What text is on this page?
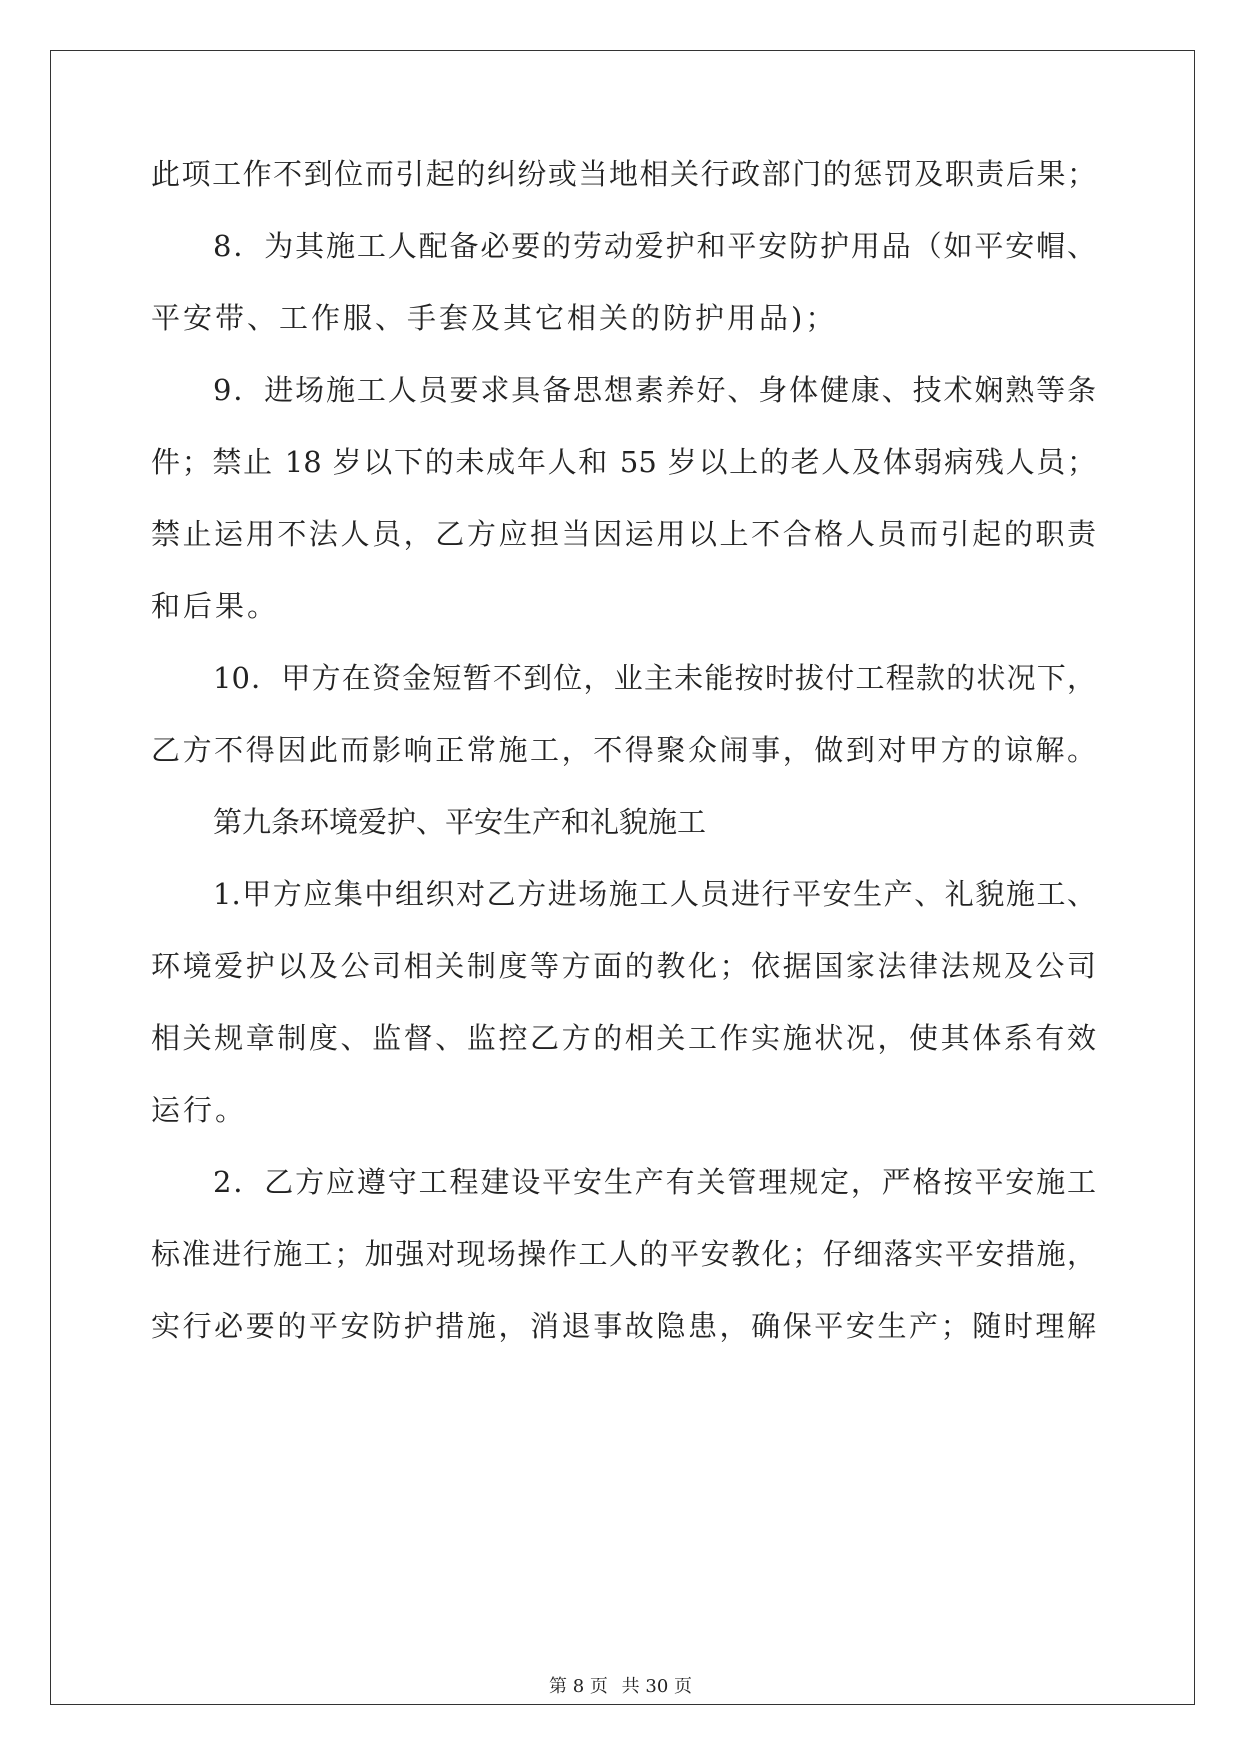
此项工作不到位而引起的纠纷或当地相关行政部门的惩罚及职责后果；
8．为其施工人配备必要的劳动爱护和平安防护用品（如平安帽、
平安带、工作服、手套及其它相关的防护用品)；
9．进场施工人员要求具备思想素养好、身体健康、技术娴熟等条
件；禁止 18 岁以下的未成年人和 55 岁以上的老人及体弱病残人员；
禁止运用不法人员，乙方应担当因运用以上不合格人员而引起的职责
和后果。
10．甲方在资金短暂不到位，业主未能按时拔付工程款的状况下，
乙方不得因此而影响正常施工，不得聚众闹事，做到对甲方的谅解。
第九条环境爱护、平安生产和礼貌施工
1.甲方应集中组织对乙方进场施工人员进行平安生产、礼貌施工、
环境爱护以及公司相关制度等方面的教化；依据国家法律法规及公司
相关规章制度、监督、监控乙方的相关工作实施状况，使其体系有效
运行。
2．乙方应遵守工程建设平安生产有关管理规定，严格按平安施工
标准进行施工；加强对现场操作工人的平安教化；仔细落实平安措施，
实行必要的平安防护措施，消退事故隐患，确保平安生产；随时理解
第 8 页 共 30 页
